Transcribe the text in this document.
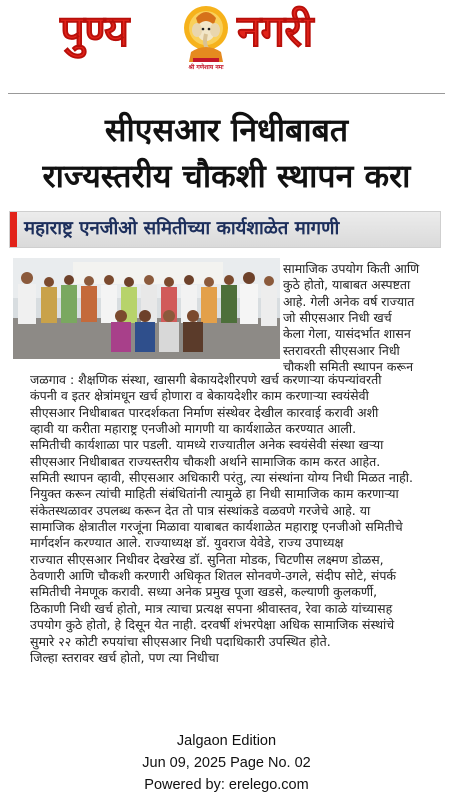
पुण्य
श्री गणेशाय नमः
नगरी
सीएसआर निधीबाबत
राज्यस्तरीय चौकशी स्थापन करा
महाराष्ट्र एनजीओ समितीच्या कार्यशाळेत मागणी

सामाजिक उपयोग किती आणि

कुठे होतो, याबाबत अस्पष्टता

आहे. गेली अनेक वर्ष राज्यात

जो सीएसआर निधी खर्च

केला गेला, यासंदर्भात शासन

स्तरावरती सीएसआर निधी

चौकशी समिती स्थापन करून

जळगाव : शैक्षणिक संस्था, खासगी बेकायदेशीरपणे खर्च करणाऱ्या कंपन्यांवरती

कंपनी व इतर क्षेत्रांमधून खर्च होणारा व बेकायदेशीर काम करणाऱ्या स्वयंसेवी

सीएसआर निधीबाबत पारदर्शकता निर्माण संस्थेवर देखील कारवाई करावी अशी

व्हावी या करीता महाराष्ट्र एनजीओ मागणी या कार्यशाळेत करण्यात आली.

समितीची कार्यशाळा पार पडली. यामध्ये राज्यातील अनेक स्वयंसेवी संस्था खऱ्या

सीएसआर निधीबाबत राज्यस्तरीय चौकशी अर्थाने सामाजिक काम करत आहेत.

समिती स्थापन व्हावी, सीएसआर अधिकारी परंतु, त्या संस्थांना योग्य निधी मिळत नाही.

नियुक्त करून त्यांची माहिती संबंधितांनी त्यामुळे हा निधी सामाजिक काम करणाऱ्या

संकेतस्थळावर उपलब्ध करून देत तो पात्र संस्थांकडे वळवणे गरजेचे आहे. या

सामाजिक क्षेत्रातील गरजूंना मिळावा याबाबत कार्यशाळेत महाराष्ट्र एनजीओ समितीचे

मार्गदर्शन करण्यात आले. राज्याध्यक्ष डॉ. युवराज येवेडे, राज्य उपाध्यक्ष

राज्यात सीएसआर निधीवर देखरेख डॉ. सुनिता मोडक, चिटणीस लक्ष्मण डोळस,

ठेवणारी आणि चौकशी करणारी अधिकृत शितल सोनवणे-उगले, संदीप सोटे, संपर्क

समितीची नेमणूक करावी. सध्या अनेक प्रमुख पूजा खडसे, कल्याणी कुलकर्णी,

ठिकाणी निधी खर्च होतो, मात्र त्याचा प्रत्यक्ष सपना श्रीवास्तव, रेवा काळे यांच्यासह

उपयोग कुठे होतो, हे दिसून येत नाही. दरवर्षी शंभरपेक्षा अधिक सामाजिक संस्थांचे

सुमारे २२ कोटी रुपयांचा सीएसआर निधी पदाधिकारी उपस्थित होते.

जिल्हा स्तरावर खर्च होतो, पण त्या निधीचा

Jalgaon Edition
Jun 09, 2025 Page No. 02
Powered by: erelego.com
